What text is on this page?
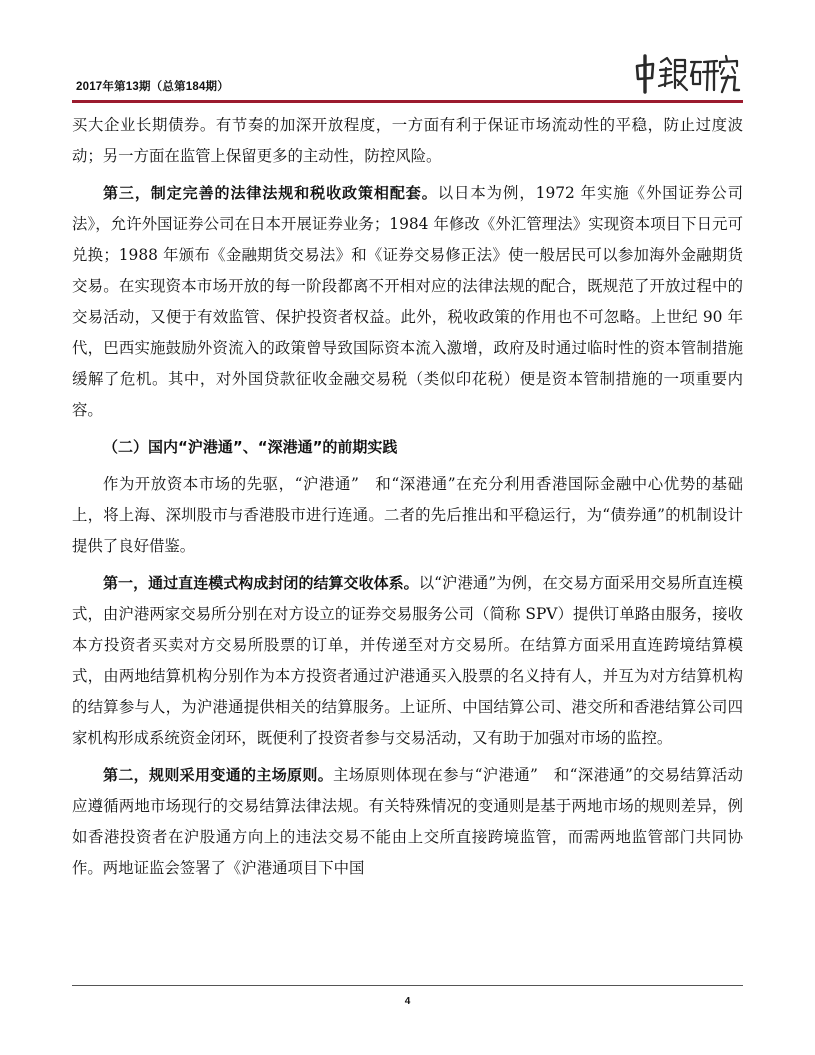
2017年第13期（总第184期）

买大企业长期债券。有节奏的加深开放程度，一方面有利于保证市场流动性的平稳，防止过度波动；另一方面在监管上保留更多的主动性，防控风险。

第三，制定完善的法律法规和税收政策相配套。以日本为例，1972 年实施《外国证券公司法》，允许外国证券公司在日本开展证券业务；1984 年修改《外汇管理法》实现资本项目下日元可兑换；1988 年颁布《金融期货交易法》和《证券交易修正法》使一般居民可以参加海外金融期货交易。在实现资本市场开放的每一阶段都离不开相对应的法律法规的配合，既规范了开放过程中的交易活动，又便于有效监管、保护投资者权益。此外，税收政策的作用也不可忽略。上世纪 90 年代，巴西实施鼓励外资流入的政策曾导致国际资本流入激增，政府及时通过临时性的资本管制措施缓解了危机。其中，对外国贷款征收金融交易税（类似印花税）便是资本管制措施的一项重要内容。

（二）国内“沪港通”、“深港通”的前期实践

作为开放资本市场的先驱，“沪港通”　和“深港通”在充分利用香港国际金融中心优势的基础上，将上海、深圳股市与香港股市进行连通。二者的先后推出和平稳运行，为“债券通”的机制设计提供了良好借鉴。

第一，通过直连模式构成封闭的结算交收体系。以“沪港通”为例，在交易方面采用交易所直连模式，由沪港两家交易所分别在对方设立的证券交易服务公司（简称 SPV）提供订单路由服务，接收本方投资者买卖对方交易所股票的订单，并传递至对方交易所。在结算方面采用直连跨境结算模式，由两地结算机构分别作为本方投资者通过沪港通买入股票的名义持有人，并互为对方结算机构的结算参与人，为沪港通提供相关的结算服务。上证所、中国结算公司、港交所和香港结算公司四家机构形成系统资金闭环，既便利了投资者参与交易活动，又有助于加强对市场的监控。

第二，规则采用变通的主场原则。主场原则体现在参与“沪港通”　和“深港通”的交易结算活动应遵循两地市场现行的交易结算法律法规。有关特殊情况的变通则是基于两地市场的规则差异，例如香港投资者在沪股通方向上的违法交易不能由上交所直接跨境监管，而需两地监管部门共同协作。两地证监会签署了《沪港通项目下中国

4
